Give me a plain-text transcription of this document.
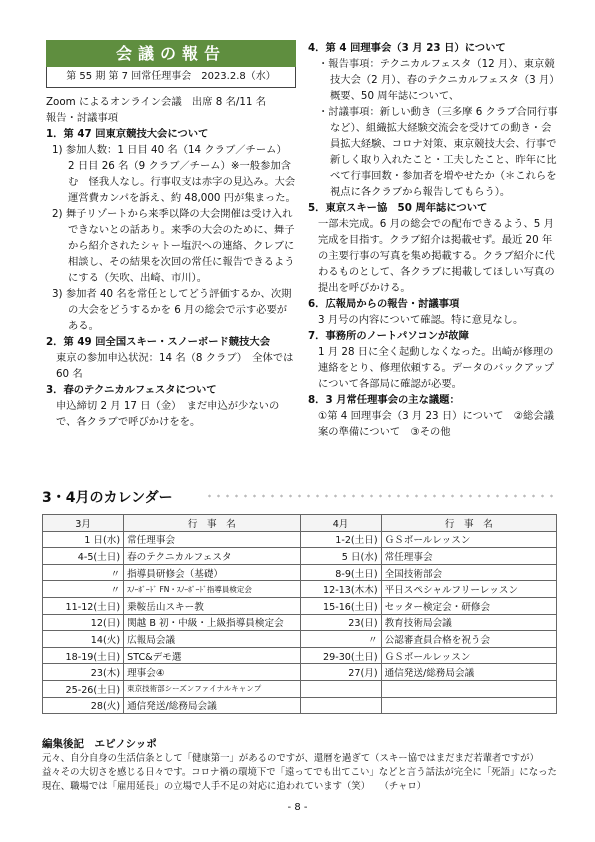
会議の報告
第 55 期 第 7 回常任理事会　2023.2.8（水）
Zoom によるオンライン会議　出席 8 名/11 名
報告・討議事項
1．第 47 回東京競技大会について
1) 参加人数：1 日目 40 名（14 クラブ／チーム）　2 日目 26 名（9 クラブ／チーム）※一般参加含む　怪我人なし。行事収支は赤字の見込み。大会運営費カンパを訴え、約 48,000 円が集まった。
2) 舞子リゾートから来季以降の大会開催は受け入れできないとの話あり。来季の大会のために、舞子から紹介されたシャトー塩沢への連絡、クレブに相談し、その結果を次回の常任に報告できるようにする（矢吹、出崎、市川）。
3) 参加者 40 名を常任としてどう評価するか、次期の大会をどうするかを 6 月の総会で示す必要がある。
2．第 49 回全国スキー・スノーボード競技大会
東京の参加申込状況：14 名（8 クラブ）　全体では 60 名
3．春のテクニカルフェスタについて
申込締切 2 月 17 日（金）　まだ申込が少ないので、各クラブで呼びかけをを。
4．第 4 回理事会（3 月 23 日）について
・報告事項：テクニカルフェスタ（12 月）、東京競技大会（2 月）、春のテクニカルフェスタ（3 月）概要、50 周年誌について、
・討議事項：新しい動き（三多摩 6 クラブ合同行事など）、組織拡大経験交流会を受けての動き・会員拡大経験、コロナ対策、東京競技大会、行事で新しく取り入れたこと・工夫したこと、昨年に比べて行事回数・参加者を増やせたか（＊これらを視点に各クラブから報告してもらう）。
5．東京スキー協　50 周年誌について
一部未完成。6 月の総会での配布できるよう、5 月完成を目指す。クラブ紹介は掲載せず。最近 20 年の主要行事の写真を集め掲載する。クラブ紹介に代わるものとして、各クラブに掲載してほしい写真の提出を呼びかける。
6．広報局からの報告・討議事項
3 月号の内容について確認。特に意見なし。
7．事務所のノートパソコンが故障
1 月 28 日に全く起動しなくなった。出崎が修理の連絡をとり、修理依頼する。データのバックアップについて各部局に確認が必要。
8．3 月常任理事会の主な議題：
①第 4 回理事会（3 月 23 日）について　②総会議案の準備について　③その他
3・4月のカレンダー
3月	行　事　名	4月	行　事　名
1 日(水)	常任理事会	1-2(土日)	ＧＳボールレッスン
4-5(土日)	春のテクニカルフェスタ	5 日(水)	常任理事会
〃	指導員研修会（基礎）	8-9(土日)	全国技術部会
〃	ｽﾉｰﾎﾞｰﾄﾞ FN・ｽﾉｰﾎﾞｰﾄﾞ指導員検定会	12-13(木木)	平日スペシャルフリーレッスン
11-12(土日)	乗鞍岳山スキー教	15-16(土日)	セッター検定会・研修会
12(日)	関越 B 初・中級・上級指導員検定会	23(日)	教育技術局会議
14(火)	広報局会議	〃	公認審査員合格を祝う会
18-19(土日)	STC&デモ選	29-30(土日)	ＧＳボールレッスン
23(木)	理事会④	27(月)	通信発送/総務局会議
25-26(土日)	東京技術部シーズンファイナルキャンプ		
28(火)	通信発送/総務局会議		
編集後記　エピノシッポ
元々、自分自身の生活信条として「健康第一」があるのですが、還暦を過ぎて（スキー協ではまだまだ若輩者ですが）益々その大切さを感じる日々です。コロナ禍の環境下で「遠ってでも出てこい」などと言う話法が完全に「死語」になった現在、職場では「雇用延長」の立場で人手不足の対応に追われています（笑）　　（チャロ）
- 8 -
